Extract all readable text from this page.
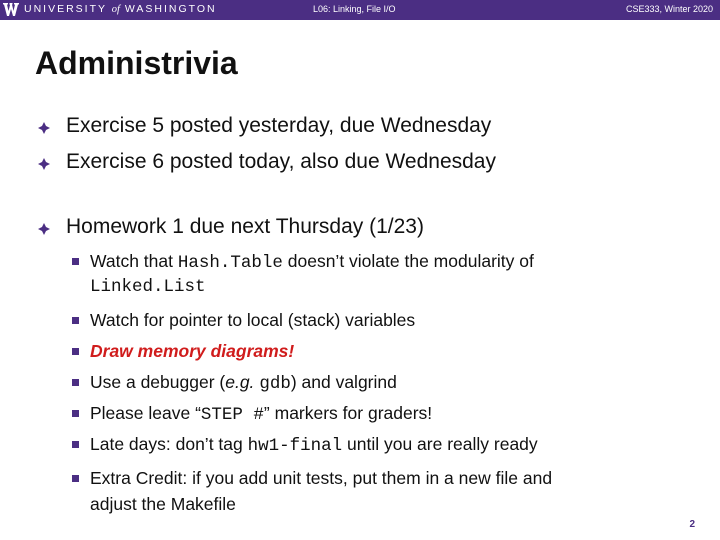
UNIVERSITY of WASHINGTON	L06: Linking, File I/O	CSE333, Winter 2020
Administrivia
Exercise 5 posted yesterday, due Wednesday
Exercise 6 posted today, also due Wednesday
Homework 1 due next Thursday (1/23)
Watch that Hash.Table doesn’t violate the modularity of
Linked.List
Watch for pointer to local (stack) variables
Draw memory diagrams!
Use a debugger (e.g. gdb) and valgrind
Please leave “STEP #” markers for graders!
Late days: don’t tag hw1-final until you are really ready
Extra Credit: if you add unit tests, put them in a new file and
adjust the Makefile
2
